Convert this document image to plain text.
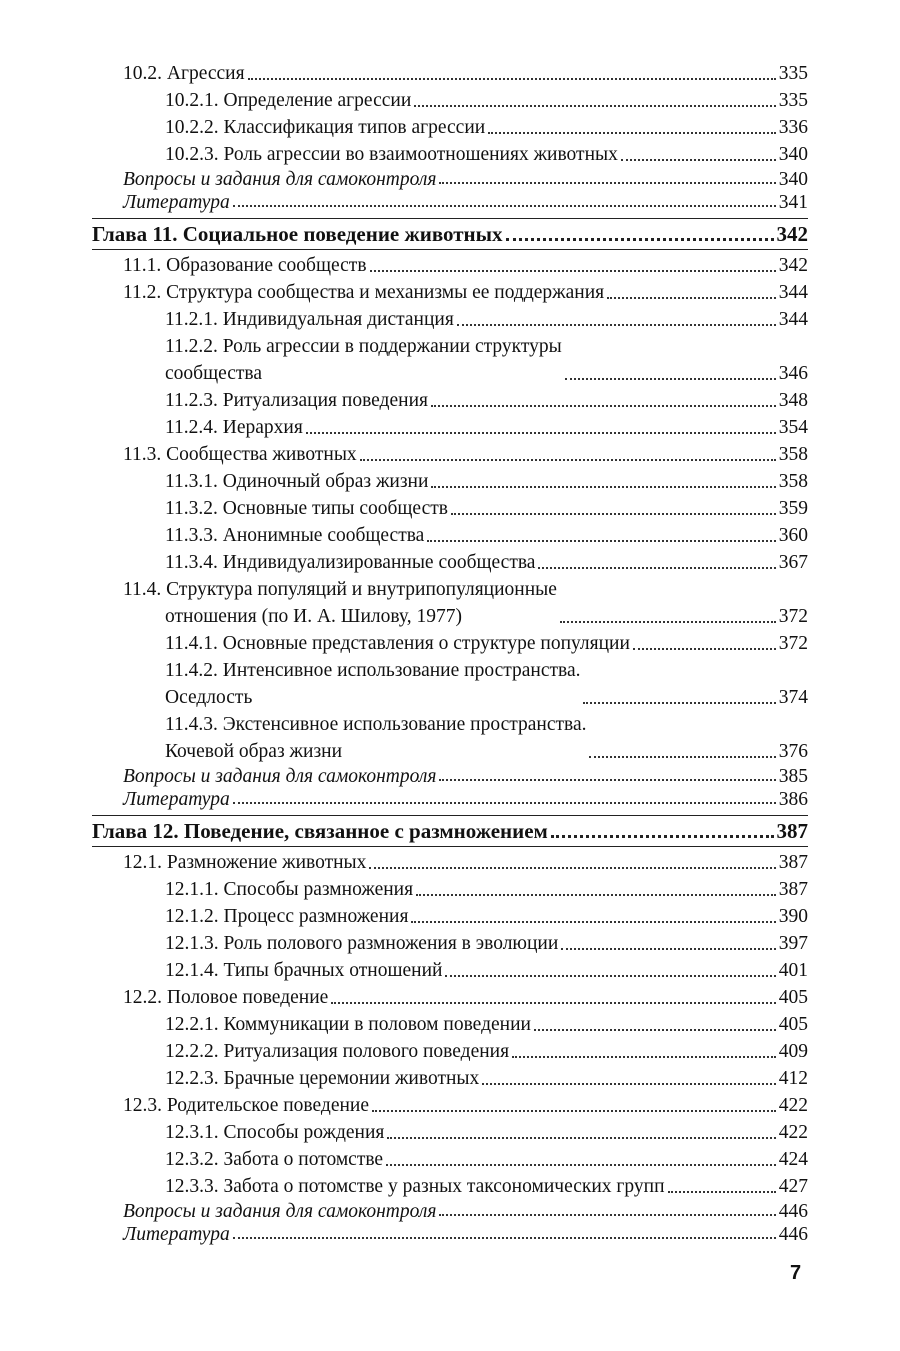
10.2. Агрессия	335
10.2.1. Определение агрессии	335
10.2.2. Классификация типов агрессии	336
10.2.3. Роль агрессии во взаимоотношениях животных	340
Вопросы и задания для самоконтроля	340
Литература	341
Глава 11. Социальное поведение животных	342
11.1. Образование сообществ	342
11.2. Структура сообщества и механизмы ее поддержания	344
11.2.1. Индивидуальная дистанция	344
11.2.2. Роль агрессии в поддержании структуры
сообщества	346
11.2.3. Ритуализация поведения	348
11.2.4. Иерархия	354
11.3. Сообщества животных	358
11.3.1. Одиночный образ жизни	358
11.3.2. Основные типы сообществ	359
11.3.3. Анонимные сообщества	360
11.3.4. Индивидуализированные сообщества	367
11.4. Структура популяций и внутрипопуляционные
отношения (по И. А. Шилову, 1977)	372
11.4.1. Основные представления о структуре популяции	372
11.4.2. Интенсивное использование пространства.
Оседлость	374
11.4.3. Экстенсивное использование пространства.
Кочевой образ жизни	376
Вопросы и задания для самоконтроля	385
Литература	386
Глава 12. Поведение, связанное с размножением	387
12.1. Размножение животных	387
12.1.1. Способы размножения	387
12.1.2. Процесс размножения	390
12.1.3. Роль полового размножения в эволюции	397
12.1.4. Типы брачных отношений	401
12.2. Половое поведение	405
12.2.1. Коммуникации в половом поведении	405
12.2.2. Ритуализация полового поведения	409
12.2.3. Брачные церемонии животных	412
12.3. Родительское поведение	422
12.3.1. Способы рождения	422
12.3.2. Забота о потомстве	424
12.3.3. Забота о потомстве у разных таксономических групп	427
Вопросы и задания для самоконтроля	446
Литература	446
7
